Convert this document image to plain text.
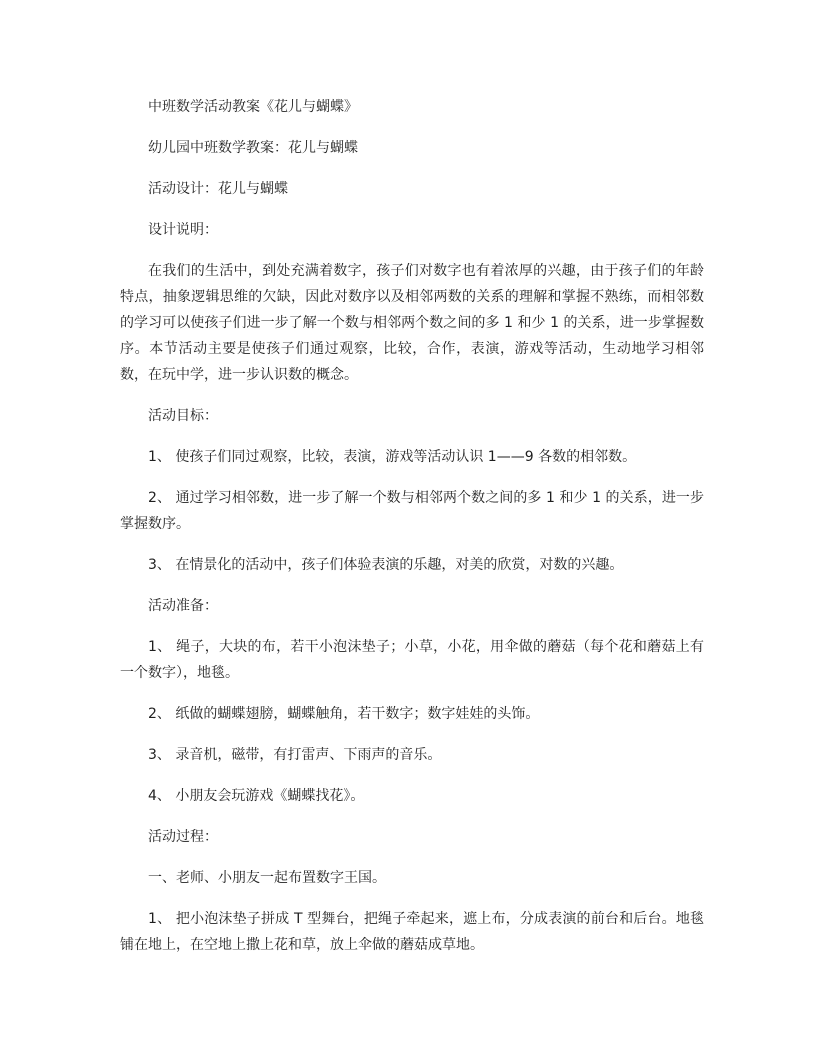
中班数学活动教案《花儿与蝴蝶》

幼儿园中班数学教案：花儿与蝴蝶

活动设计：花儿与蝴蝶

设计说明：

在我们的生活中，到处充满着数字，孩子们对数字也有着浓厚的兴趣，由于孩子们的年龄特点，抽象逻辑思维的欠缺，因此对数序以及相邻两数的关系的理解和掌握不熟练，而相邻数的学习可以使孩子们进一步了解一个数与相邻两个数之间的多 1 和少 1 的关系，进一步掌握数序。本节活动主要是使孩子们通过观察，比较，合作，表演，游戏等活动，生动地学习相邻数，在玩中学，进一步认识数的概念。

活动目标：

1、 使孩子们同过观察，比较，表演，游戏等活动认识 1——9 各数的相邻数。

2、 通过学习相邻数，进一步了解一个数与相邻两个数之间的多 1 和少 1 的关系，进一步掌握数序。

3、 在情景化的活动中，孩子们体验表演的乐趣，对美的欣赏，对数的兴趣。

活动准备：

1、 绳子，大块的布，若干小泡沫垫子；小草，小花，用伞做的蘑菇（每个花和蘑菇上有一个数字），地毯。

2、 纸做的蝴蝶翅膀，蝴蝶触角，若干数字；数字娃娃的头饰。

3、 录音机，磁带，有打雷声、下雨声的音乐。

4、 小朋友会玩游戏《蝴蝶找花》。

活动过程：

一、老师、小朋友一起布置数字王国。

1、 把小泡沫垫子拼成 T 型舞台，把绳子牵起来，遮上布，分成表演的前台和后台。地毯铺在地上，在空地上撒上花和草，放上伞做的蘑菇成草地。
